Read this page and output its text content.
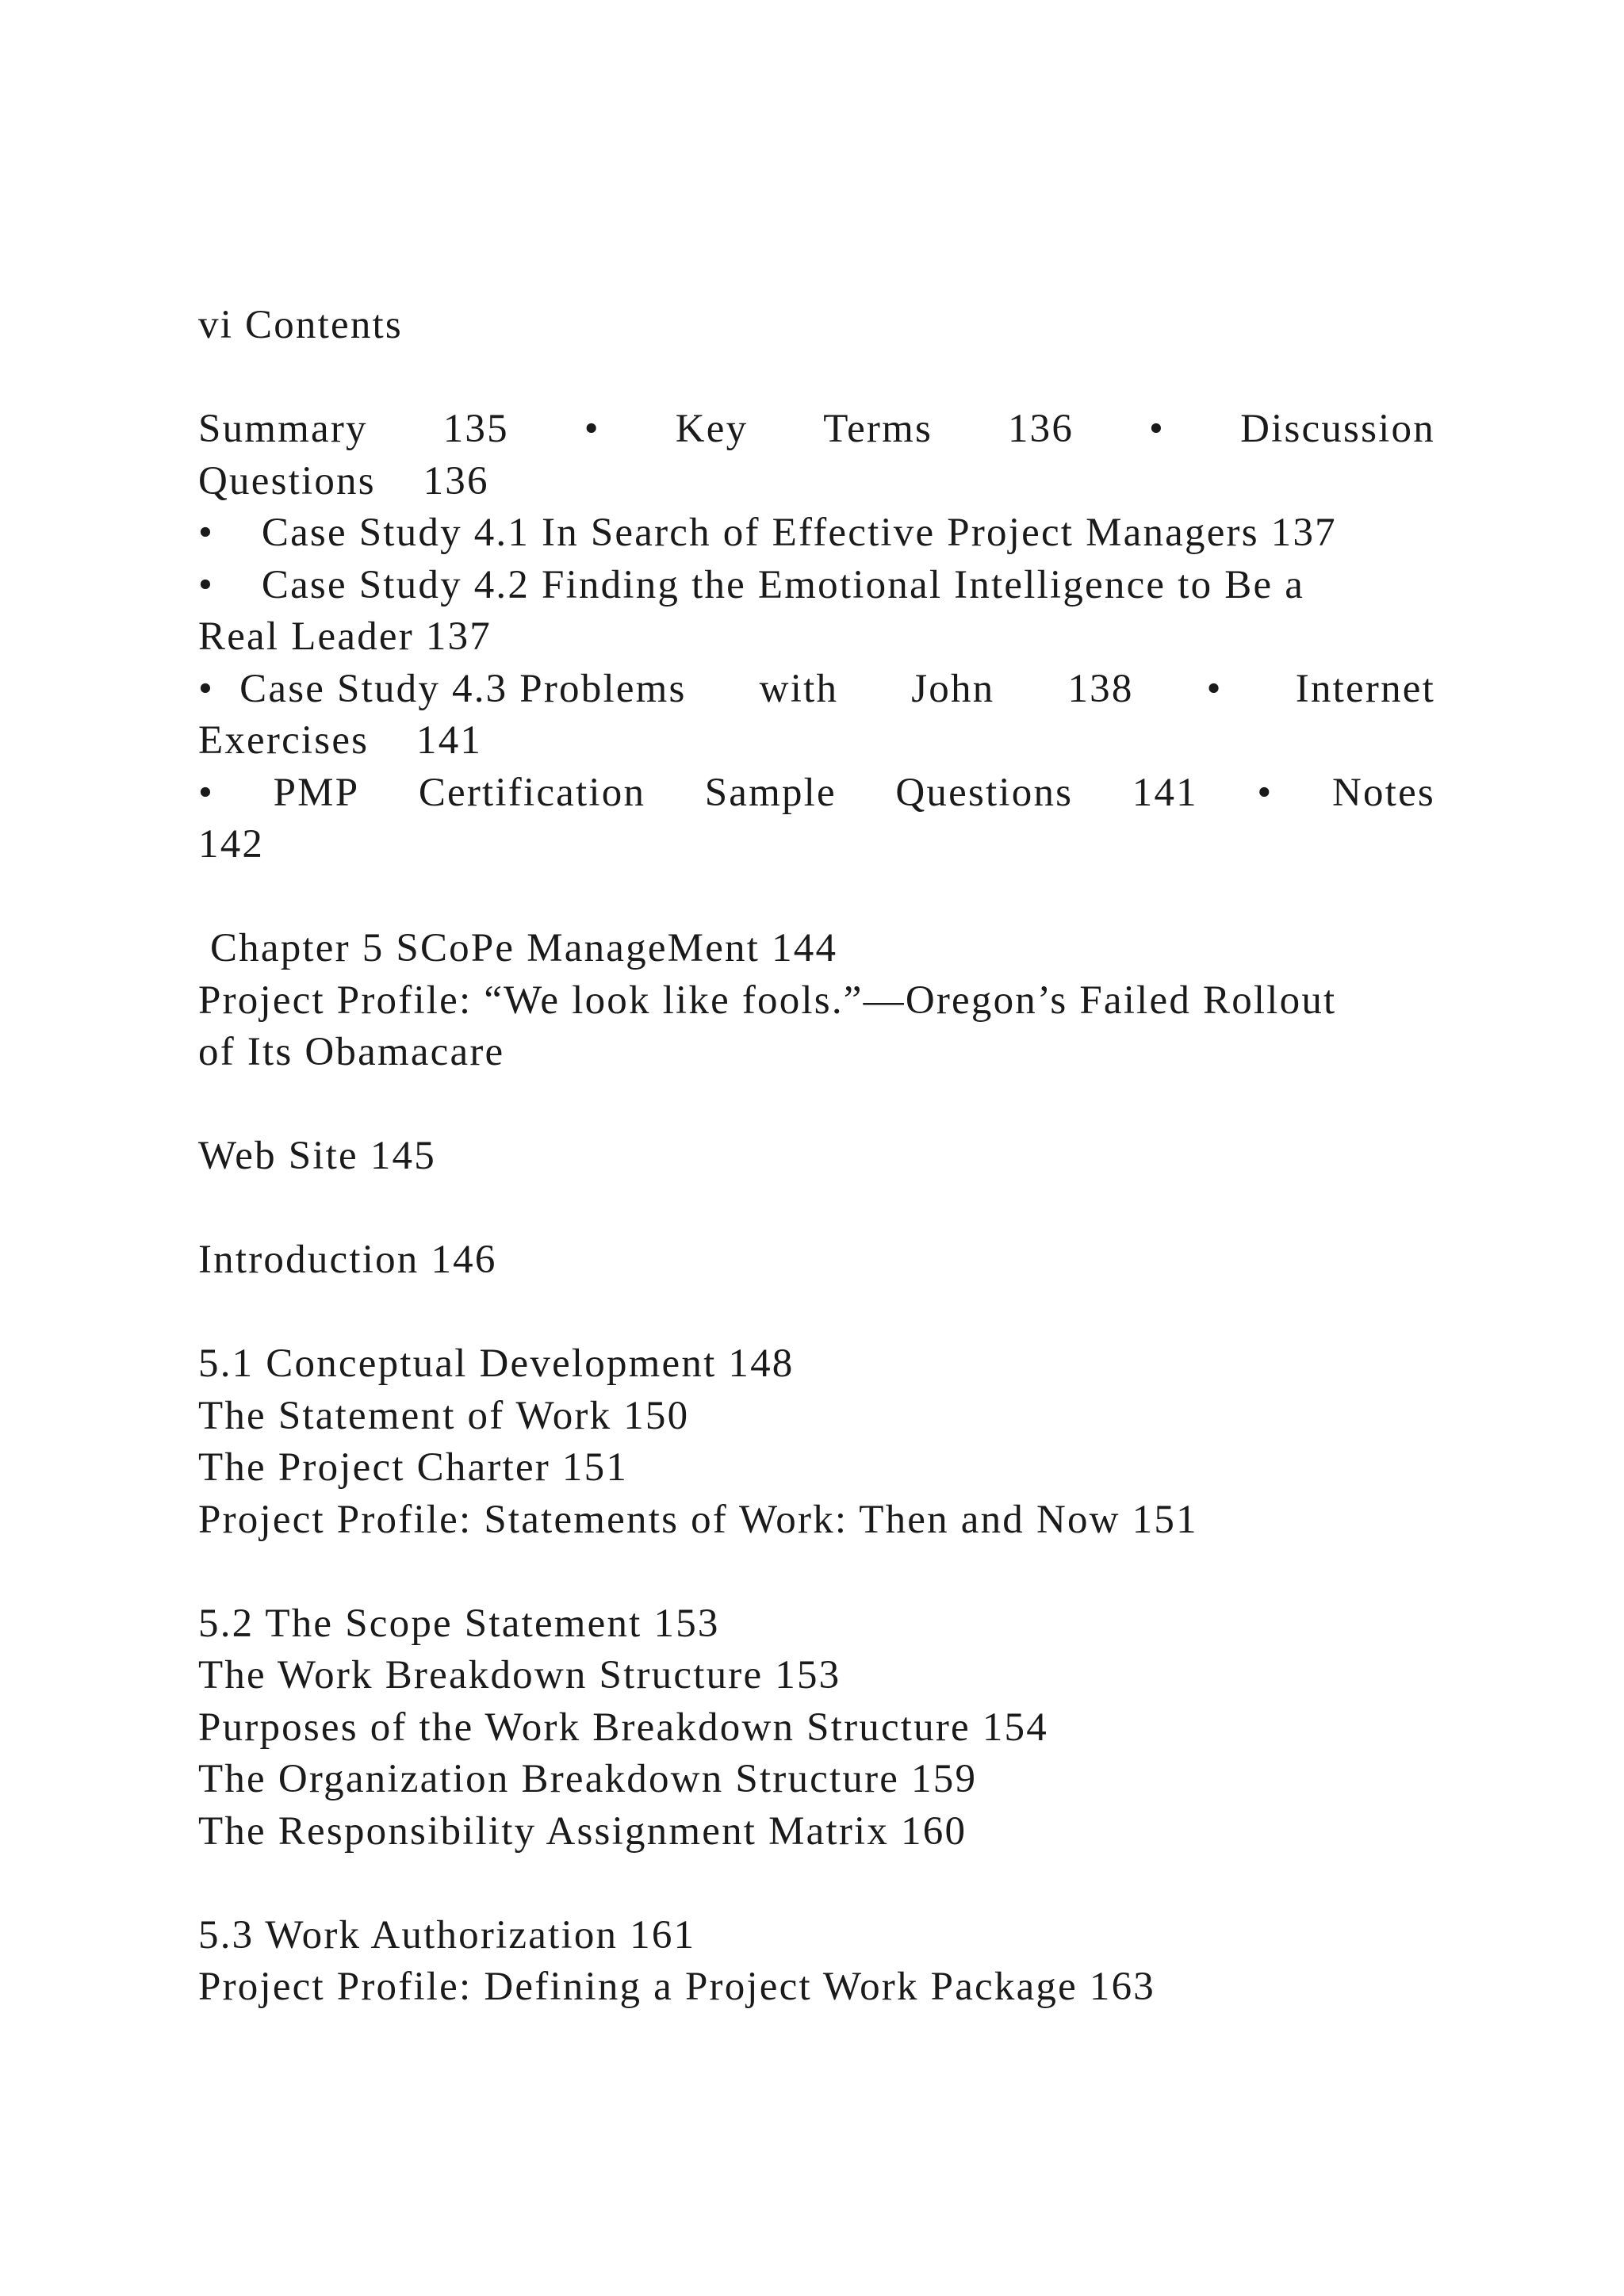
vi Contents
Summary 135 • Key Terms 136 • Discussion
Questions    136
•    Case Study 4.1 In Search of Effective Project Managers 137
•    Case Study 4.2 Finding the Emotional Intelligence to Be a
Real Leader 137
• Case Study 4.3 Problems with John 138 • Internet
Exercises    141
• PMP Certification Sample Questions 141 • Notes
142
Chapter 5 SCoPe ManageMent 144
Project Profile: “We look like fools.”—Oregon’s Failed Rollout
of Its Obamacare
Web Site 145
Introduction 146
5.1 Conceptual Development 148
The Statement of Work 150
The Project Charter 151
Project Profile: Statements of Work: Then and Now 151
5.2 The Scope Statement 153
The Work Breakdown Structure 153
Purposes of the Work Breakdown Structure 154
The Organization Breakdown Structure 159
The Responsibility Assignment Matrix 160
5.3 Work Authorization 161
Project Profile: Defining a Project Work Package 163
